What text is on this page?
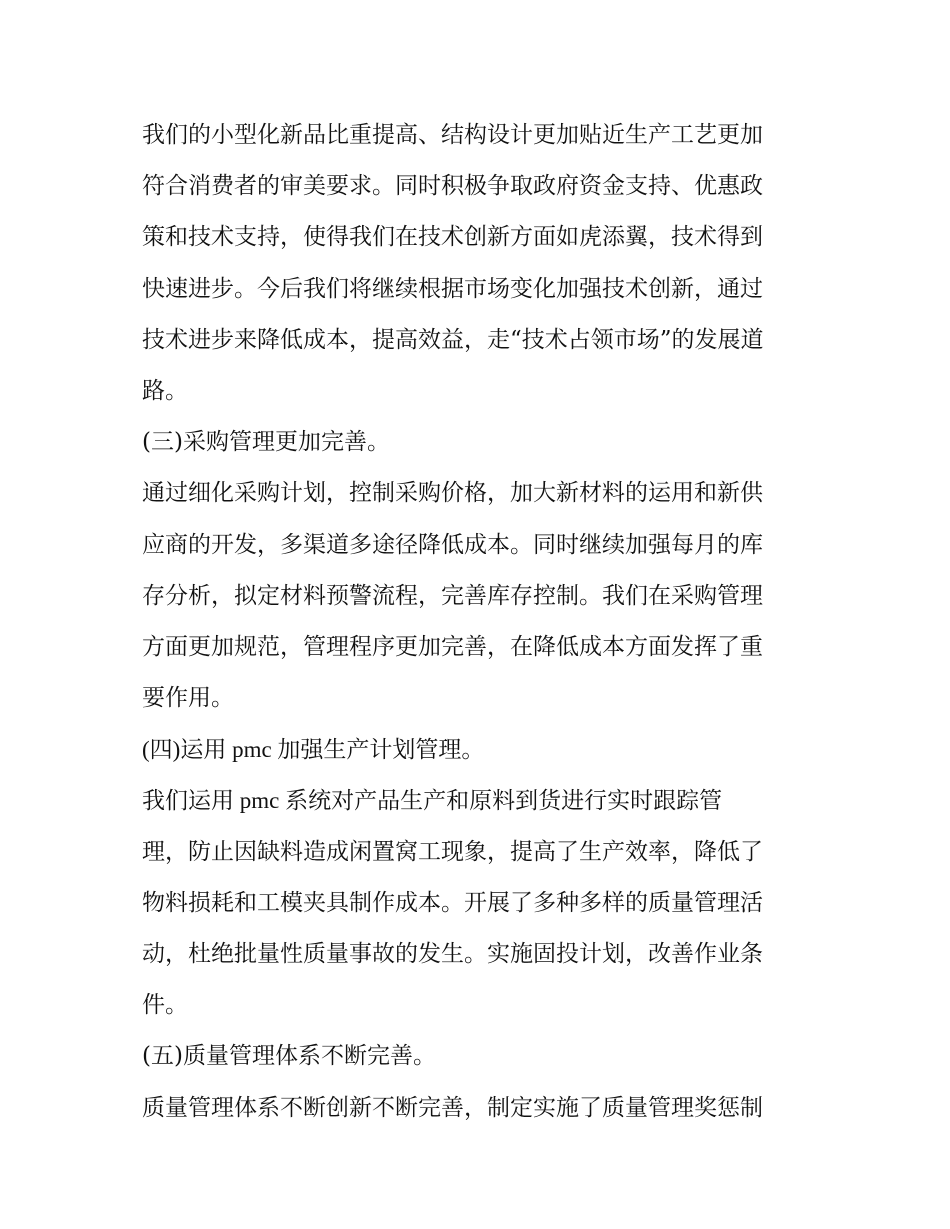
我们的小型化新品比重提高、结构设计更加贴近生产工艺更加
符合消费者的审美要求。同时积极争取政府资金支持、优惠政
策和技术支持，使得我们在技术创新方面如虎添翼，技术得到
快速进步。今后我们将继续根据市场变化加强技术创新，通过
技术进步来降低成本，提高效益，走“技术占领市场”的发展道
路。
(三)采购管理更加完善。
通过细化采购计划，控制采购价格，加大新材料的运用和新供
应商的开发，多渠道多途径降低成本。同时继续加强每月的库
存分析，拟定材料预警流程，完善库存控制。我们在采购管理
方面更加规范，管理程序更加完善，在降低成本方面发挥了重
要作用。
(四)运用 pmc 加强生产计划管理。
我们运用 pmc 系统对产品生产和原料到货进行实时跟踪管
理，防止因缺料造成闲置窝工现象，提高了生产效率，降低了
物料损耗和工模夹具制作成本。开展了多种多样的质量管理活
动，杜绝批量性质量事故的发生。实施固投计划，改善作业条
件。
(五)质量管理体系不断完善。
质量管理体系不断创新不断完善，制定实施了质量管理奖惩制
